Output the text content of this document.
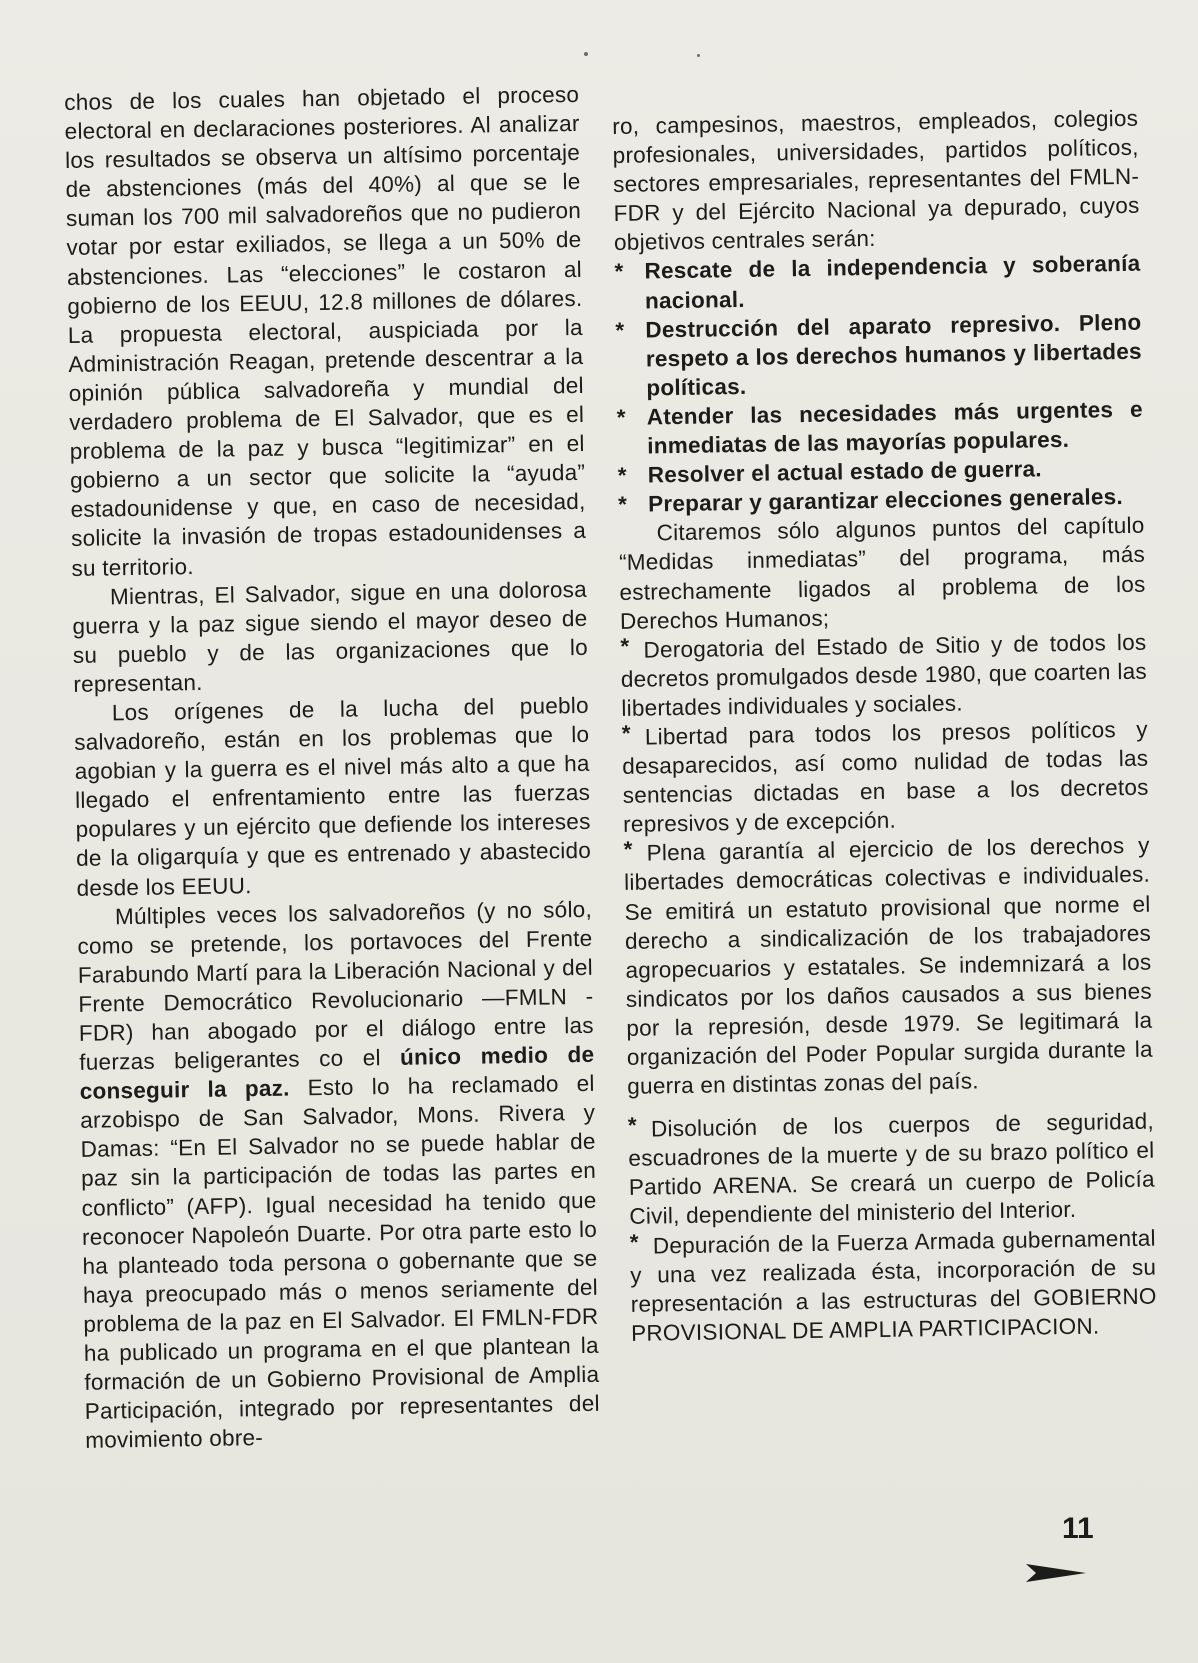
chos de los cuales han objetado el proceso electoral en declaraciones posteriores. Al analizar los resultados se observa un altísimo porcentaje de abstenciones (más del 40%) al que se le suman los 700 mil salvadoreños que no pudieron votar por estar exiliados, se llega a un 50% de abstenciones. Las “elecciones” le costaron al gobierno de los EEUU, 12.8 millones de dólares. La propuesta electoral, auspiciada por la Administración Reagan, pretende descentrar a la opinión pública salvadoreña y mundial del verdadero problema de El Salvador, que es el problema de la paz y busca “legitimizar” en el gobierno a un sector que solicite la “ayuda” estadounidense y que, en caso de necesidad, solicite la invasión de tropas estadounidenses a su territorio.

Mientras, El Salvador, sigue en una dolorosa guerra y la paz sigue siendo el mayor deseo de su pueblo y de las organizaciones que lo representan.

Los orígenes de la lucha del pueblo salvadoreño, están en los problemas que lo agobian y la guerra es el nivel más alto a que ha llegado el enfrentamiento entre las fuerzas populares y un ejército que defiende los intereses de la oligarquía y que es entrenado y abastecido desde los EEUU.

Múltiples veces los salvadoreños (y no sólo, como se pretende, los portavoces del Frente Farabundo Martí para la Liberación Nacional y del Frente Democrático Revolucionario —FMLN - FDR) han abogado por el diálogo entre las fuerzas beligerantes co el único medio de conseguir la paz. Esto lo ha reclamado el arzobispo de San Salvador, Mons. Rivera y Damas: “En El Salvador no se puede hablar de paz sin la participación de todas las partes en conflicto” (AFP). Igual necesidad ha tenido que reconocer Napoleón Duarte. Por otra parte esto lo ha planteado toda persona o gobernante que se haya preocupado más o menos seriamente del problema de la paz en El Salvador. El FMLN-FDR ha publicado un programa en el que plantean la formación de un Gobierno Provisional de Amplia Participación, integrado por representantes del movimiento obre-

ro, campesinos, maestros, empleados, colegios profesionales, universidades, partidos políticos, sectores empresariales, representantes del FMLN-FDR y del Ejército Nacional ya depurado, cuyos objetivos centrales serán:

* Rescate de la independencia y soberanía nacional.
* Destrucción del aparato represivo. Pleno respeto a los derechos humanos y libertades políticas.
* Atender las necesidades más urgentes e inmediatas de las mayorías populares.
* Resolver el actual estado de guerra.
* Preparar y garantizar elecciones generales.

Citaremos sólo algunos puntos del capítulo “Medidas inmediatas” del programa, más estrechamente ligados al problema de los Derechos Humanos;

* Derogatoria del Estado de Sitio y de todos los decretos promulgados desde 1980, que coarten las libertades individuales y sociales.

* Libertad para todos los presos políticos y desaparecidos, así como nulidad de todas las sentencias dictadas en base a los decretos represivos y de excepción.

* Plena garantía al ejercicio de los derechos y libertades democráticas colectivas e individuales. Se emitirá un estatuto provisional que norme el derecho a sindicalización de los trabajadores agropecuarios y estatales. Se indemnizará a los sindicatos por los daños causados a sus bienes por la represión, desde 1979. Se legitimará la organización del Poder Popular surgida durante la guerra en distintas zonas del país.

* Disolución de los cuerpos de seguridad, escuadrones de la muerte y de su brazo político el Partido ARENA. Se creará un cuerpo de Policía Civil, dependiente del ministerio del Interior.

* Depuración de la Fuerza Armada gubernamental y una vez realizada ésta, incorporación de su representación a las estructuras del GOBIERNO PROVISIONAL DE AMPLIA PARTICIPACION.

11
